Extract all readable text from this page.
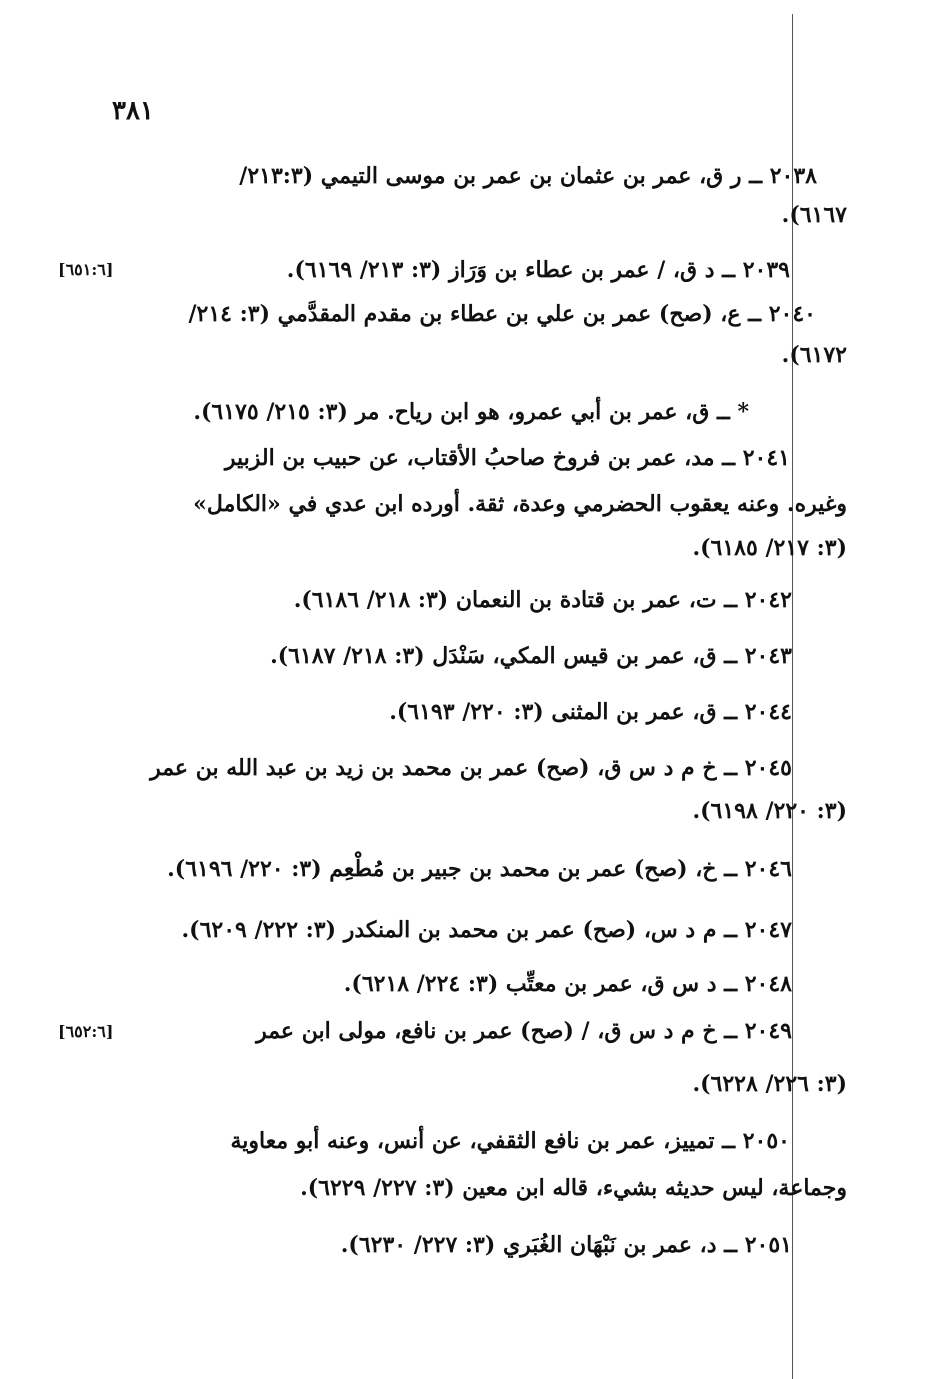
٣٨١
٢٠٣٨ ــ ر ق، عمر بن عثمان بن عمر بن موسى التيمي (٢١٣:٣/
٦١٦٧).
٢٠٣٩ ــ د ق، / عمر بن عطاء بن وَرَاز (٣: ٢١٣/ ٦١٦٩).
[٦٥١:٦]
٢٠٤٠ ــ ع، (صح) عمر بن علي بن عطاء بن مقدم المقدَّمي (٣: ٢١٤/
٦١٧٢).
* ــ ق، عمر بن أبي عمرو، هو ابن رياح. مر (٣: ٢١٥/ ٦١٧٥).
٢٠٤١ ــ مد، عمر بن فروخ صاحبُ الأقتاب، عن حبيب بن الزبير
وغيره. وعنه يعقوب الحضرمي وعدة، ثقة. أورده ابن عدي في «الكامل»
(٣: ٢١٧/ ٦١٨٥).
٢٠٤٢ ــ ت، عمر بن قتادة بن النعمان (٣: ٢١٨/ ٦١٨٦).
٢٠٤٣ ــ ق، عمر بن قيس المكي، سَنْدَل (٣: ٢١٨/ ٦١٨٧).
٢٠٤٤ ــ ق، عمر بن المثنى (٣: ٢٢٠/ ٦١٩٣).
٢٠٤٥ ــ خ م د س ق، (صح) عمر بن محمد بن زيد بن عبد الله بن عمر
(٣: ٢٢٠/ ٦١٩٨).
٢٠٤٦ ــ خ، (صح) عمر بن محمد بن جبير بن مُطْعِم (٣: ٢٢٠/ ٦١٩٦).
٢٠٤٧ ــ م د س، (صح) عمر بن محمد بن المنكدر (٣: ٢٢٢/ ٦٢٠٩).
٢٠٤٨ ــ د س ق، عمر بن معتِّب (٣: ٢٢٤/ ٦٢١٨).
٢٠٤٩ ــ خ م د س ق، / (صح) عمر بن نافع، مولى ابن عمر
[٦٥٢:٦]
(٣: ٢٢٦/ ٦٢٢٨).
٢٠٥٠ ــ تمييز، عمر بن نافع الثقفي، عن أنس، وعنه أبو معاوية
وجماعة، ليس حديثه بشيء، قاله ابن معين (٣: ٢٢٧/ ٦٢٢٩).
٢٠٥١ ــ د، عمر بن نَبْهَان الغُبَري (٣: ٢٢٧/ ٦٢٣٠).
